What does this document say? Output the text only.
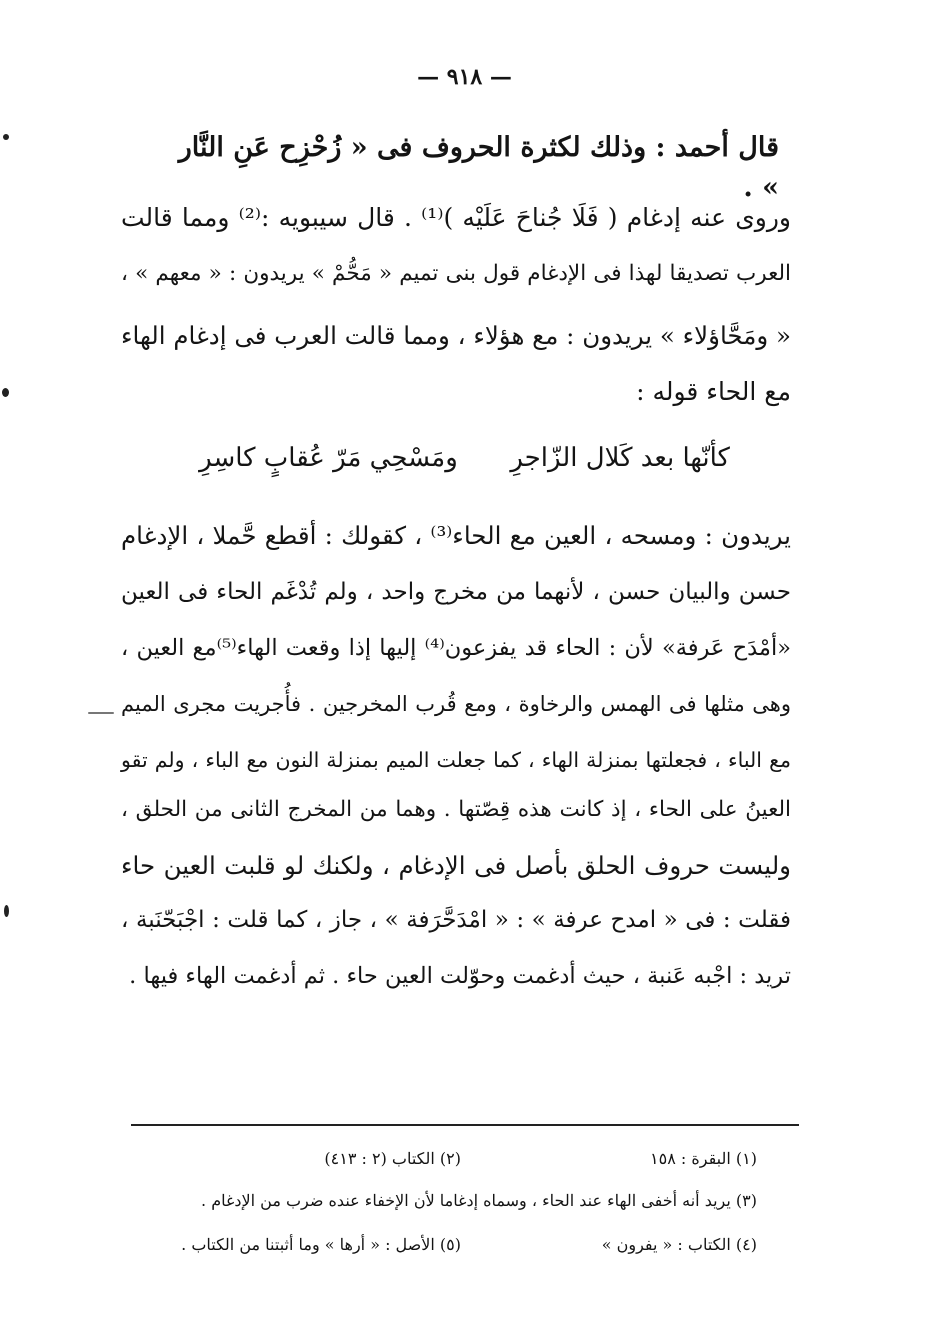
— ٩١٨ —
قال أحمد : وذلك لكثرة الحروف فى « زُحْزِح عَنِ النَّار » .
وروى عنه إدغام ( فَلَا جُناحَ عَلَيْه )⁽¹⁾ . قال سيبويه :⁽²⁾ ومما قالت
العرب تصديقا لهذا فى الإدغام قول بنى تميم « مَحُّمْ » يريدون : « معهم » ،
« ومَحَّاؤلاء » يريدون : مع هؤلاء ، ومما قالت العرب فى إدغام الهاء
مع الحاء قوله :
كأنّها بعد كَلال الزّاجرِ  ومَسْحِي مَرّ عُقابٍ كاسِرِ
يريدون : ومسحه ، العين مع الحاء⁽³⁾ ، كقولك : أقطع حَّملا ، الإدغام
حسن والبيان حسن ، لأنهما من مخرج واحد ، ولم تُدْغَم الحاء فى العين
«أمْدَح عَرفة» لأن : الحاء قد يفزعون⁽⁴⁾ إليها إذا وقعت الهاء⁽⁵⁾مع العين ،
وهى مثلها فى الهمس والرخاوة ، ومع قُرب المخرجين . فأُجريت مجرى الميم
مع الباء ، فجعلتها بمنزلة الهاء ، كما جعلت الميم بمنزلة النون مع الباء ، ولم تقو
العينُ على الحاء ، إذ كانت هذه قِصّتها . وهما من المخرج الثانى من الحلق ،
وليست حروف الحلق بأصل فى الإدغام ، ولكنك لو قلبت العين حاء
فقلت : فى « امدح عرفة » : « امْدَحَّرَفة » ، جاز ، كما قلت : اجْبَحّنَبة ،
تريد : اجْبه عَنبة ، حيث أدغمت وحوّلت العين حاء . ثم أدغمت الهاء فيها .
(١) البقرة : ١٥٨
(٢) الكتاب (٢ : ٤١٣)
(٣) يريد أنه أخفى الهاء عند الحاء ، وسماه إدغاما لأن الإخفاء عنده ضرب من الإدغام .
(٤) الكتاب : « يفرون »
(٥) الأصل : « أرها » وما أثبتنا من الكتاب .
